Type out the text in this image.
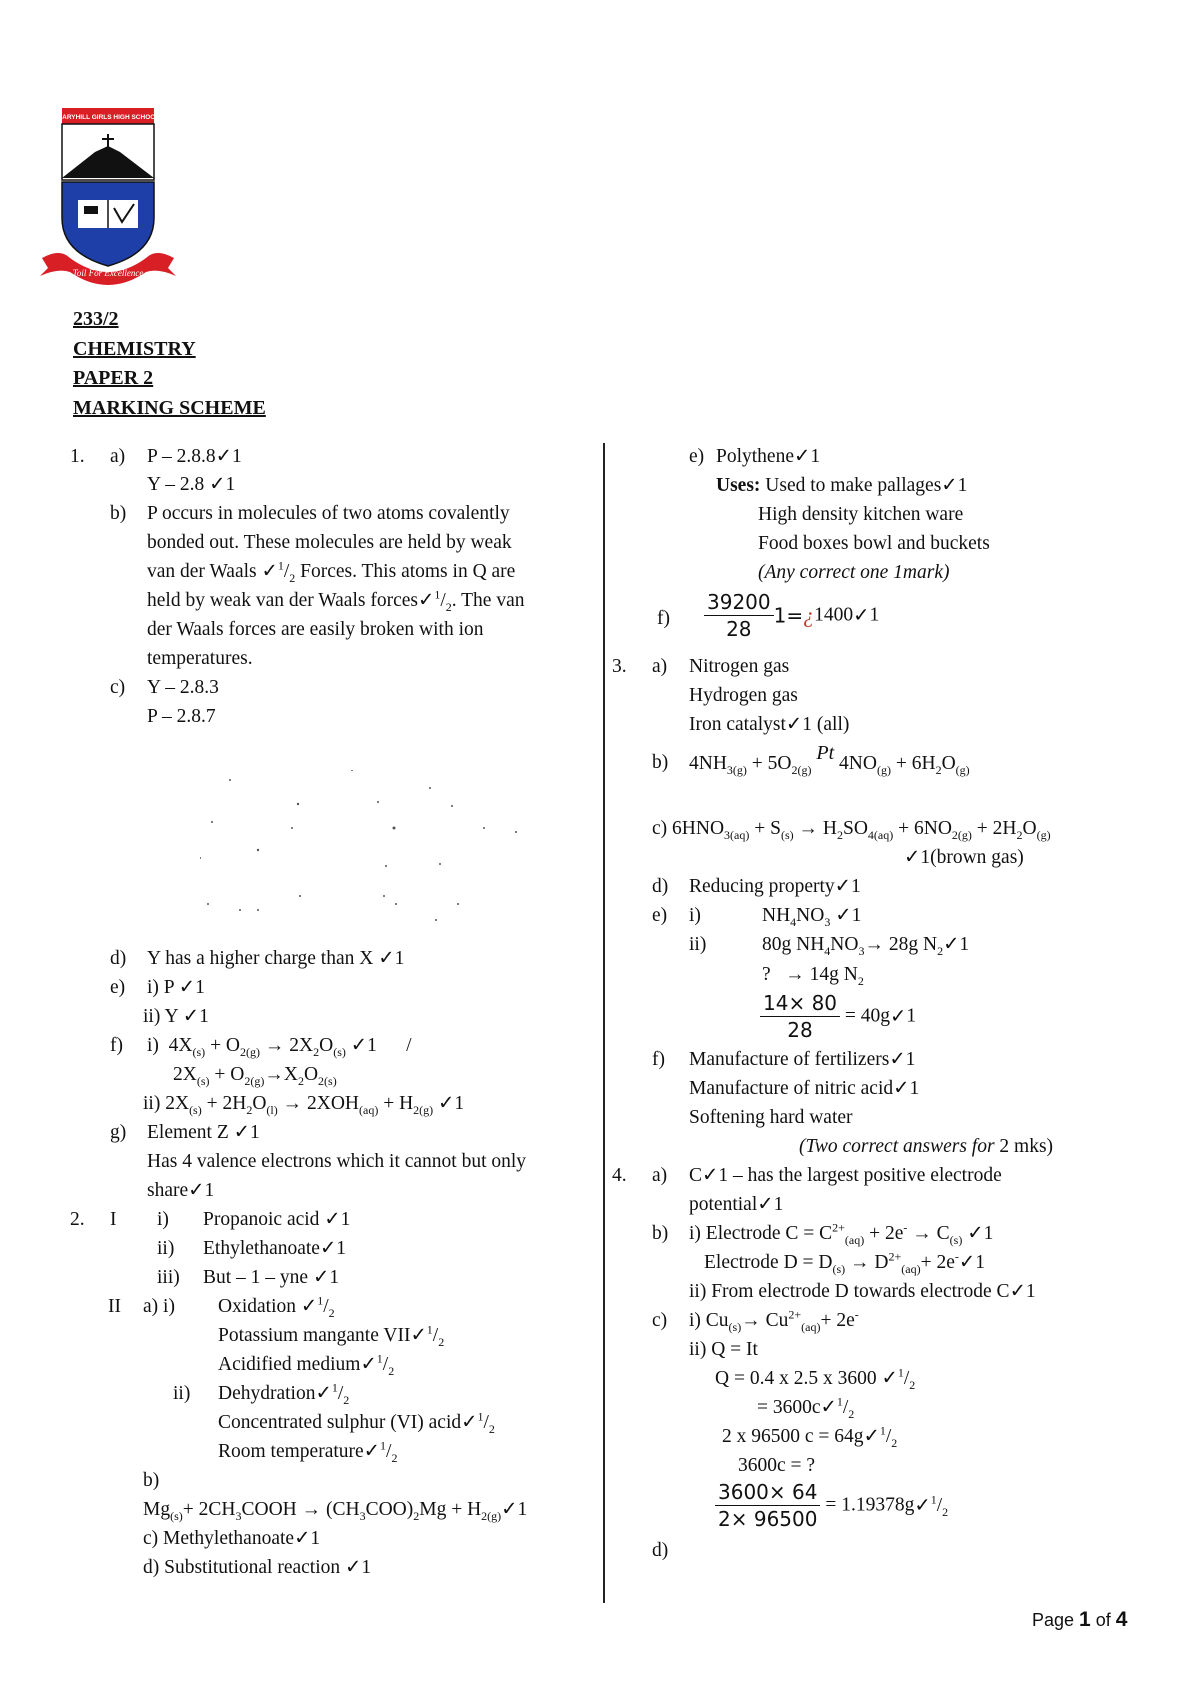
MARYHILL GIRLS HIGH SCHOOL
Toil For Excellence
233/2
CHEMISTRY
PAPER 2
MARKING SCHEME
1. a) P – 2.8.8✓1
Y – 2.8 ✓1
b) P occurs in molecules of two atoms covalently
bonded out. These molecules are held by weak
van der Waals $✓^1/_2$ Forces. This atoms in Q are
held by weak van der Waals $forces✓^1/_2$. The van
der Waals forces are easily broken with ion
temperatures.
c) Y – 2.8.3
P – 2.8.7
d) Y has a higher charge than X ✓1
e) i) P ✓1
ii) Y ✓1
f) i)  $4X_{(s)} + O_{2(g)} \to 2X_2O_{(s)}$ ✓1      /
$2X_{(s)} + O_{2(g)}\to X_2O_{2(s)}$
ii) $2X_{(s)} + 2H_2O_{(l)} \to 2XOH_{(aq)} + H_{2(g)}$ ✓1
g) Element Z ✓1
Has 4 valence electrons which it cannot but only
share✓1
2. I i) Propanoic acid ✓1
ii) Ethylethanoate✓1
iii) But – 1 – yne ✓1
II a) i) Oxidation $✓^1/_2$
Potassium mangante $VII✓^1/_2$
Acidified $medium✓^1/_2$
ii) $Dehydration✓^1/_2$
Concentrated sulphur (VI) $acid✓^1/_2$
Room $temperature✓^1/_2$
b)
$Mg_{(s)}+$ $2CH_3COOH \to (CH_3COO)_2Mg$ + $H_{2(g)}✓1$
c) Methylethanoate✓1
d) Substitutional reaction ✓1
e) Polythene✓1
Uses: Used to make pallages✓1
High density kitchen ware
Food boxes bowl and buckets
(Any correct one 1mark)
$f) \frac{39200}{28}$ 1=¿1400✓1
3. a) Nitrogen gas
Hydrogen gas
Iron catalyst✓1 (all)
b) $4NH_{3(g)} + 5O_{2(g)}$ Pt $4NO_{(g)} + 6H_2O_{(g)}$
c) $6HNO_{3(aq)} + S_{(s)} \to H_2SO_{4(aq)} + 6NO_{2(g)} + 2H_2O_{(g)}$
✓1(brown gas)
d) Reducing property✓1
e) i)	$NH_4NO_3$ ✓1
ii)	80g $NH_4NO_3\to 28g$ $N_2✓1$
?   → 14g $N_2$
$\frac{14\times 80}{28}$ = 40g✓1
f) Manufacture of fertilizers✓1
Manufacture of nitric acid✓1
Softening hard water
(Two correct answers for 2 mks)
4. a) C✓1 – has the largest positive electrode
potential✓1
b) i) Electrode $C = C^{2+}_{(aq)} + 2e^- \to C_{(s)}$ ✓1
Electrode $D = D_{(s)} \to D^{2+}_{(aq)}+$ 2e-✓1
ii) From electrode D towards electrode C✓1
c) i) $Cu_{(s)}\to Cu^{2+}_{(aq)}+ 2e^-$
ii) Q = It
Q = 0.4 x 2.5 x 3600 $✓^1/_2$
= $3600c✓^1/_2$
2 x 96500 $c = 64g✓^1/_2$
3600c = ?
$\frac{3600\times 64}{2\times 96500}$ = $1.19378g✓^1/_2$
d)
Page 1 of 4
